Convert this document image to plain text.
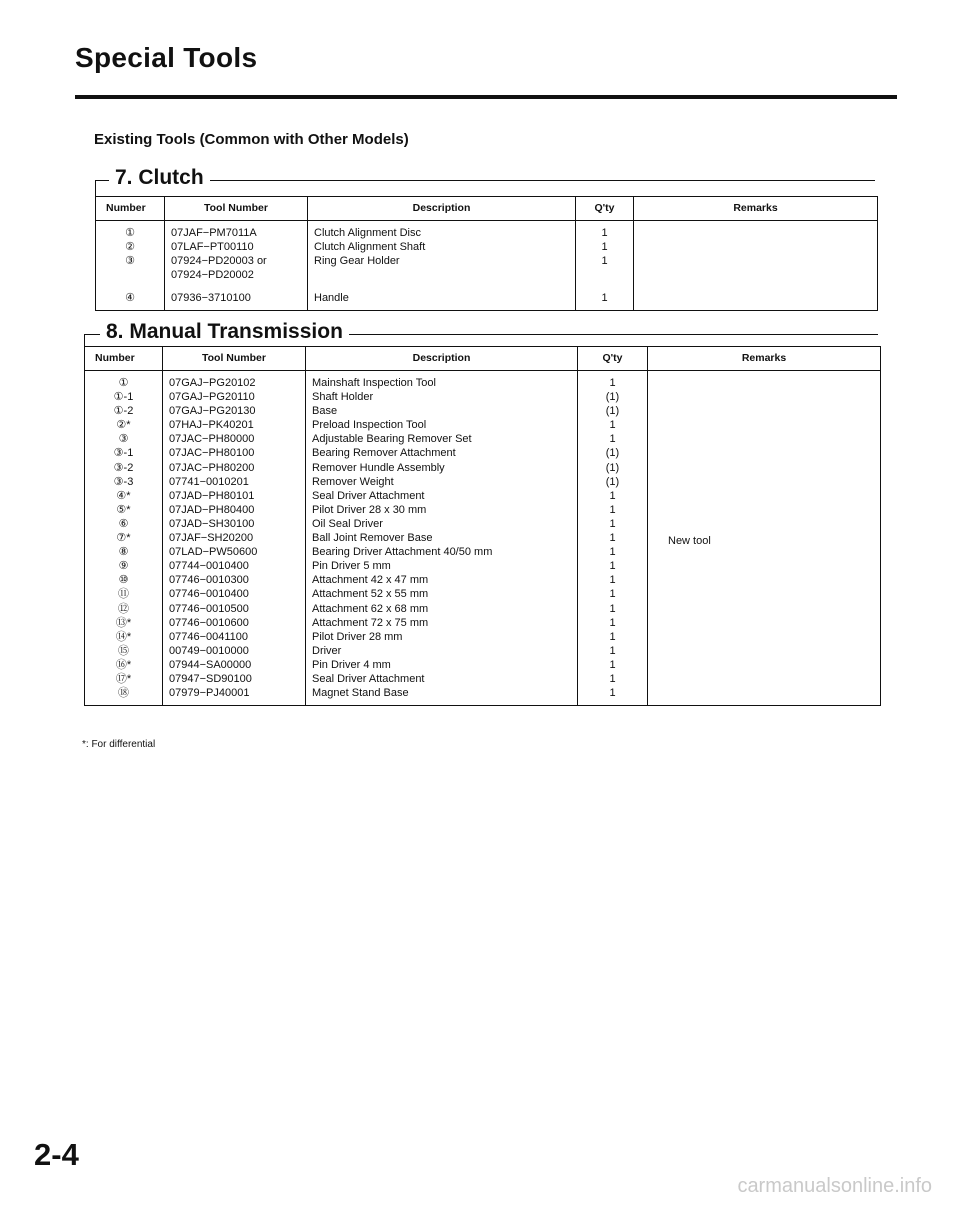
Special Tools
Existing Tools (Common with Other Models)
7. Clutch
Number	Tool Number	Description	Q'ty	Remarks
①	07JAF−PM7011A	Clutch Alignment Disc	1	
②	07LAF−PT00110	Clutch Alignment Shaft	1	
③	07924−PD20003 or	Ring Gear Holder	1	
	07924−PD20002			
④	07936−3710100	Handle	1	
8. Manual Transmission
Number	Tool Number	Description	Q'ty	Remarks
①	07GAJ−PG20102	Mainshaft Inspection Tool	1	New tool
①-1	07GAJ−PG20110	Shaft Holder	(1)	
①-2	07GAJ−PG20130	Base	(1)	
②*	07HAJ−PK40201	Preload Inspection Tool	1	
③	07JAC−PH80000	Adjustable Bearing Remover Set	1	
③-1	07JAC−PH80100	Bearing Remover Attachment	(1)	
③-2	07JAC−PH80200	Remover Hundle Assembly	(1)	
③-3	07741−0010201	Remover Weight	(1)	
④*	07JAD−PH80101	Seal Driver Attachment	1	
⑤*	07JAD−PH80400	Pilot Driver 28 x 30 mm	1	
⑥	07JAD−SH30100	Oil Seal Driver	1	
⑦*	07JAF−SH20200	Ball Joint Remover Base	1	
⑧	07LAD−PW50600	Bearing Driver Attachment 40/50 mm	1	
⑨	07744−0010400	Pin Driver 5 mm	1	
⑩	07746−0010300	Attachment 42 x 47 mm	1	
⑪	07746−0010400	Attachment 52 x 55 mm	1	
⑫	07746−0010500	Attachment 62 x 68 mm	1	
⑬*	07746−0010600	Attachment 72 x 75 mm	1	
⑭*	07746−0041100	Pilot Driver 28 mm	1	
⑮	00749−0010000	Driver	1	
⑯*	07944−SA00000	Pin Driver 4 mm	1	
⑰*	07947−SD90100	Seal Driver Attachment	1	
⑱	07979−PJ40001	Magnet Stand Base	1	
*: For differential
2-4
carmanualsonline.info
